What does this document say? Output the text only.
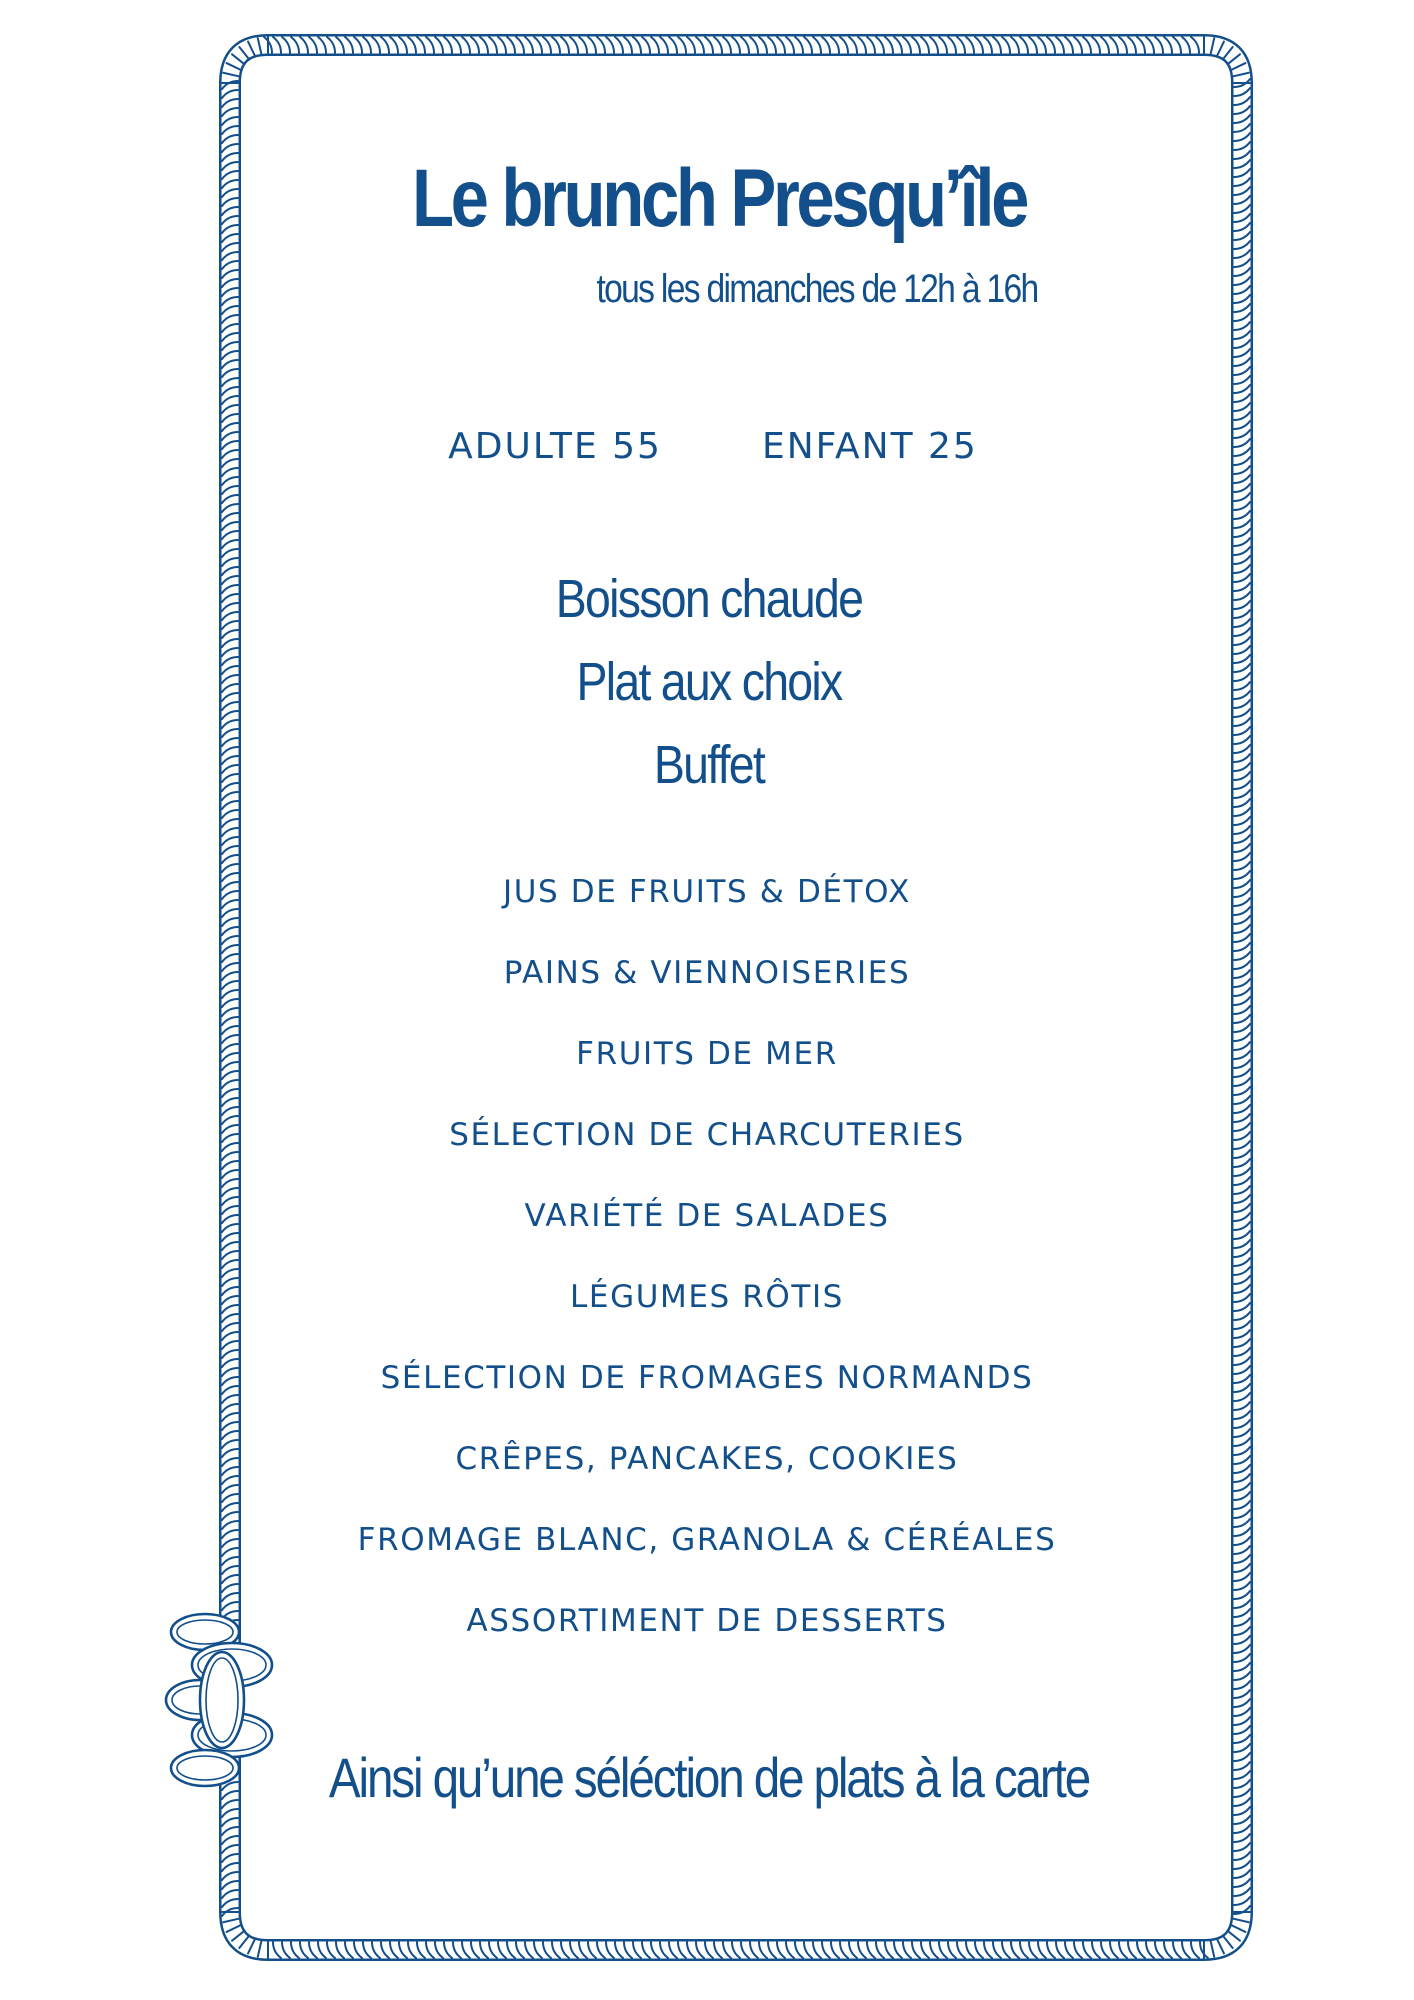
Le brunch Presqu’île

tous les dimanches de 12h à 16h

ADULTE 55	ENFANT 25

Boisson chaude

Plat aux choix

Buffet

JUS DE FRUITS & DÉTOX

PAINS & VIENNOISERIES

FRUITS DE MER

SÉLECTION DE CHARCUTERIES

VARIÉTÉ DE SALADES

LÉGUMES RÔTIS

SÉLECTION DE FROMAGES NORMANDS

CRÊPES, PANCAKES, COOKIES

FROMAGE BLANC, GRANOLA & CÉRÉALES

ASSORTIMENT DE DESSERTS

Ainsi qu’une séléction de plats à la carte
